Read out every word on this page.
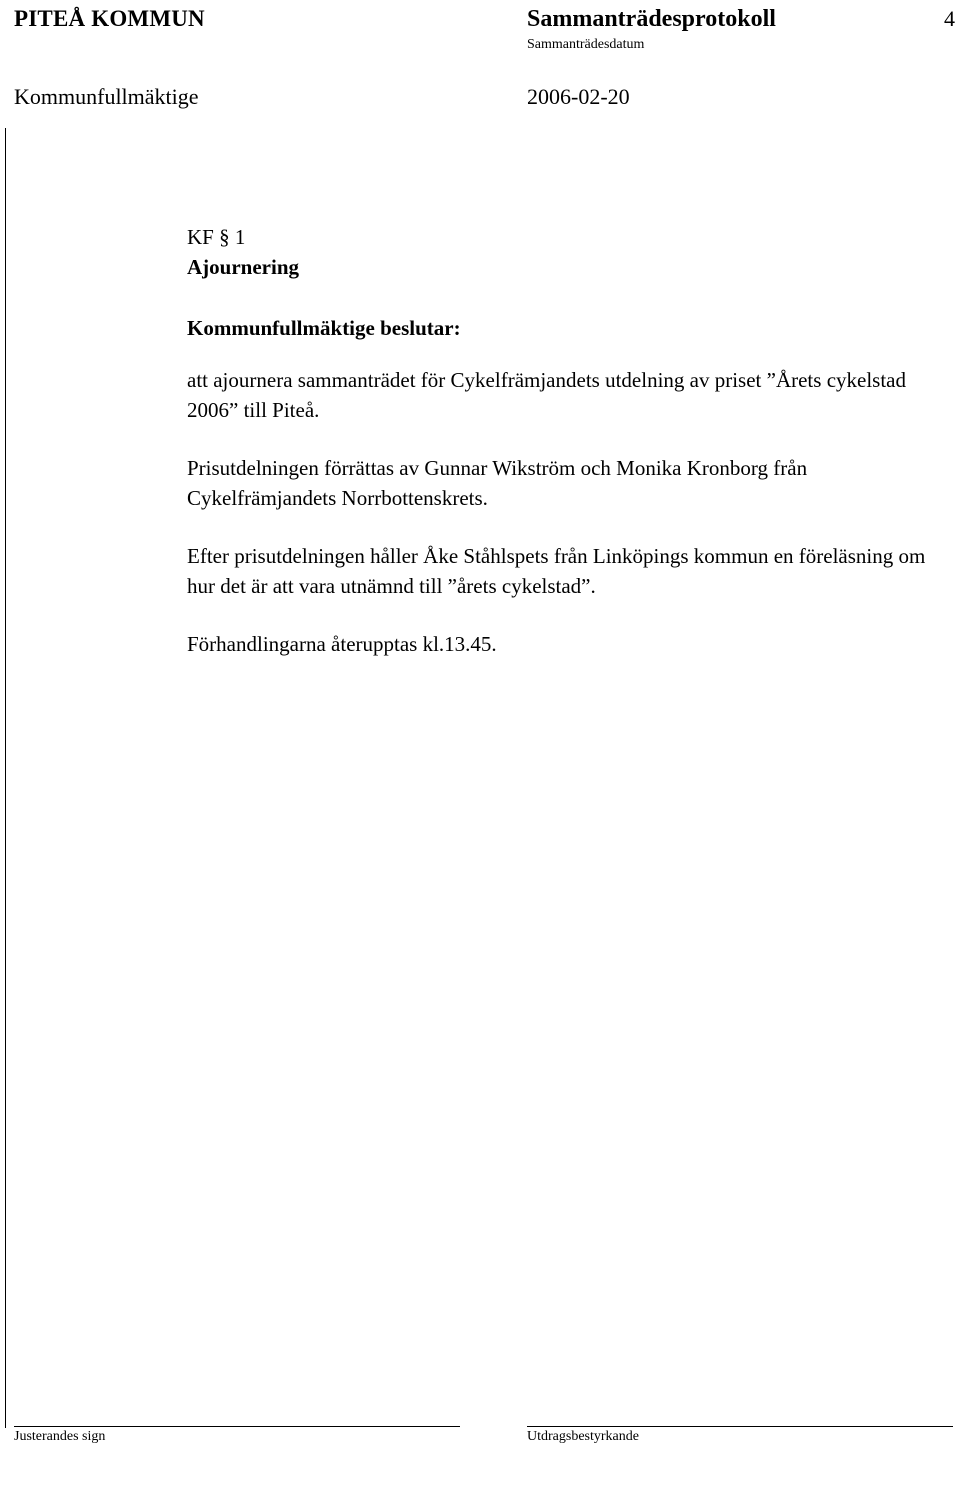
PITEÅ KOMMUN	Sammanträdesprotokoll	4
Sammanträdesdatum
Kommunfullmäktige	2006-02-20

KF § 1

Ajournering

Kommunfullmäktige beslutar:

att ajournera sammanträdet för Cykelfrämjandets utdelning av priset ”Årets cykelstad 2006” till Piteå.

Prisutdelningen förrättas av Gunnar Wikström och Monika Kronborg från Cykelfrämjandets Norrbottenskrets.

Efter prisutdelningen håller Åke Ståhlspets från Linköpings kommun en föreläsning om hur det är att vara utnämnd till ”årets cykelstad”.

Förhandlingarna återupptas kl.13.45.

Justerandes sign	Utdragsbestyrkande
